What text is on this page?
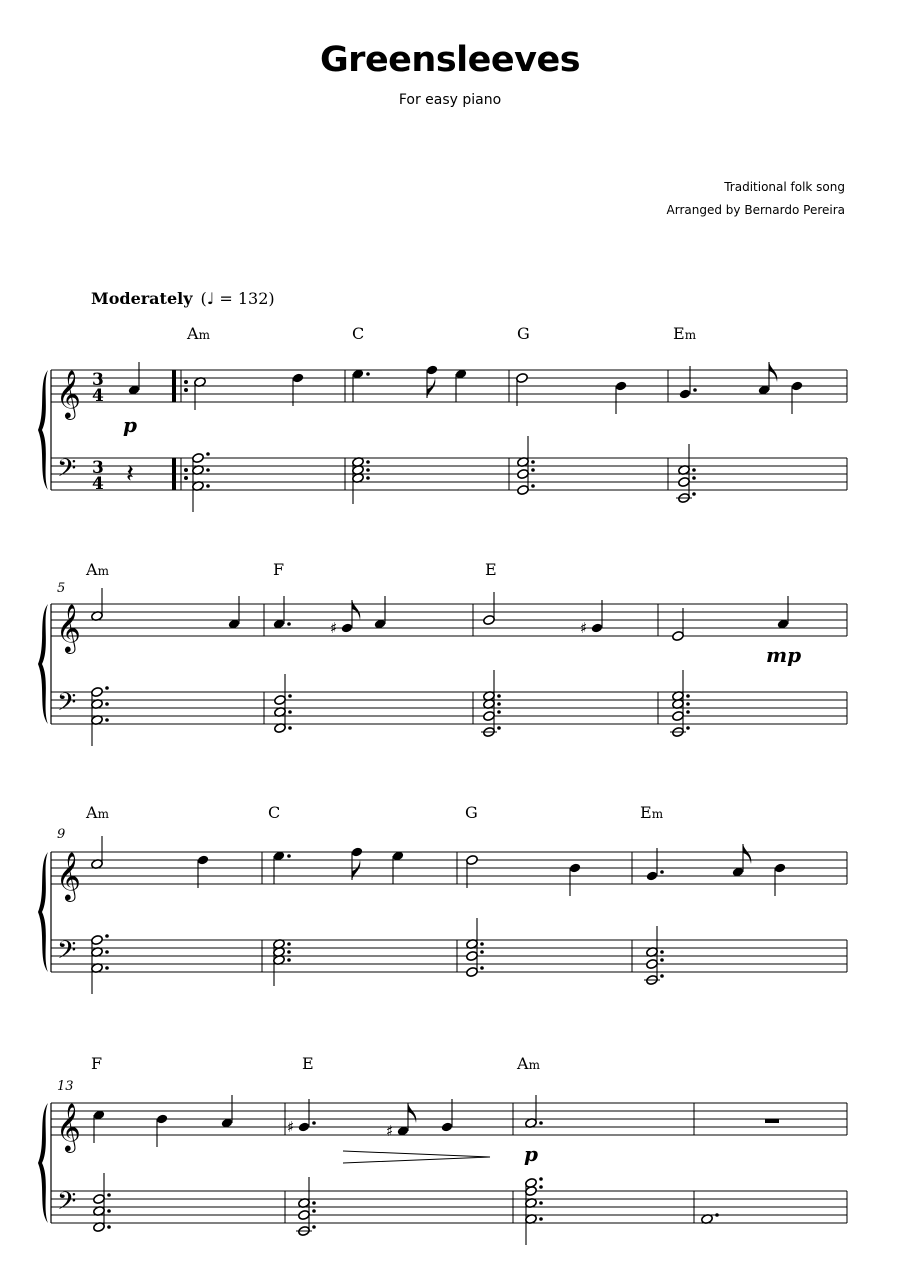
Greensleeves
For easy piano
Traditional folk song
Arranged by Bernardo Pereira
Moderately (♩ = 132)
Am	C	G	Em
Am	F	E
Am	C	G	Em
F	E	Am
5
9
13
p
mp
p
𝄞
𝄢
𝄞
𝄢
𝄞
𝄢
𝄞
𝄢
3
4
3
4 𝄽
♯	♯
♯	♯
